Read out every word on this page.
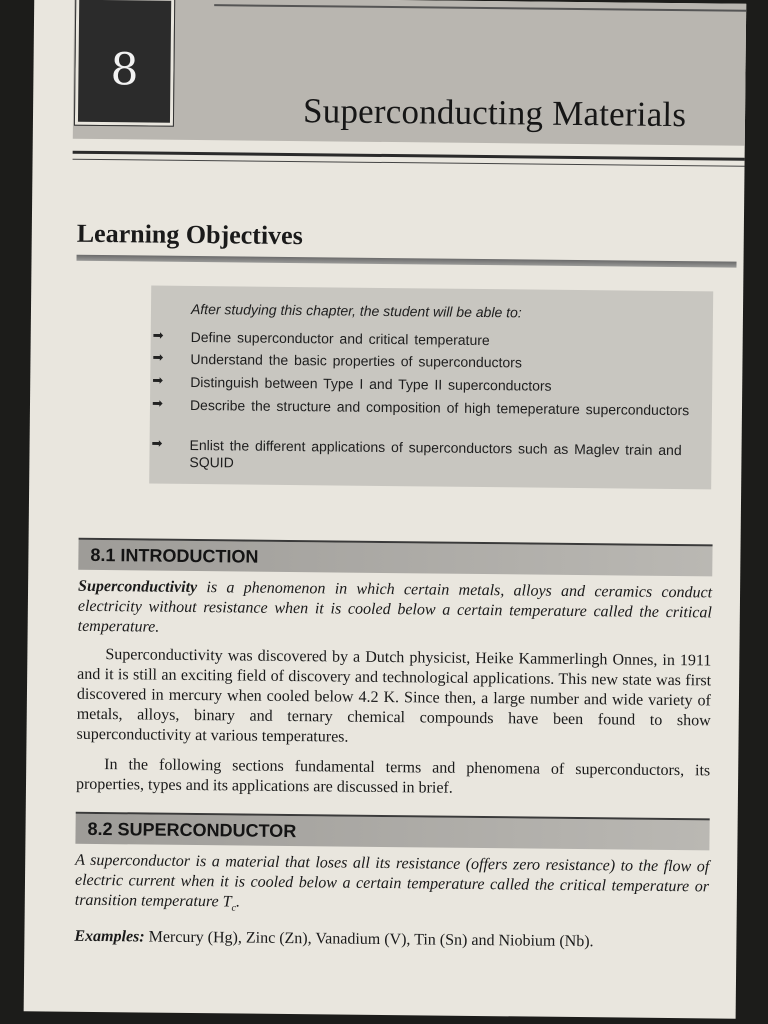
8
Superconducting Materials
Learning Objectives
After studying this chapter, the student will be able to:
➡ Define superconductor and critical temperature
➡ Understand the basic properties of superconductors
➡ Distinguish between Type I and Type II superconductors
➡ Describe the structure and composition of high temeperature superconductors
➡ Enlist the different applications of superconductors such as Maglev train and SQUID
8.1 INTRODUCTION
Superconductivity is a phenomenon in which certain metals, alloys and ceramics conduct electricity without resistance when it is cooled below a certain temperature called the critical temperature.
Superconductivity was discovered by a Dutch physicist, Heike Kammerlingh Onnes, in 1911 and it is still an exciting field of discovery and technological applications. This new state was first discovered in mercury when cooled below 4.2 K. Since then, a large number and wide variety of metals, alloys, binary and ternary chemical compounds have been found to show superconductivity at various temperatures.
In the following sections fundamental terms and phenomena of superconductors, its properties, types and its applications are discussed in brief.
8.2 SUPERCONDUCTOR
A superconductor is a material that loses all its resistance (offers zero resistance) to the flow of electric current when it is cooled below a certain temperature called the critical temperature or transition temperature $T_c$.
Examples: Mercury (Hg), Zinc (Zn), Vanadium (V), Tin (Sn) and Niobium (Nb).
